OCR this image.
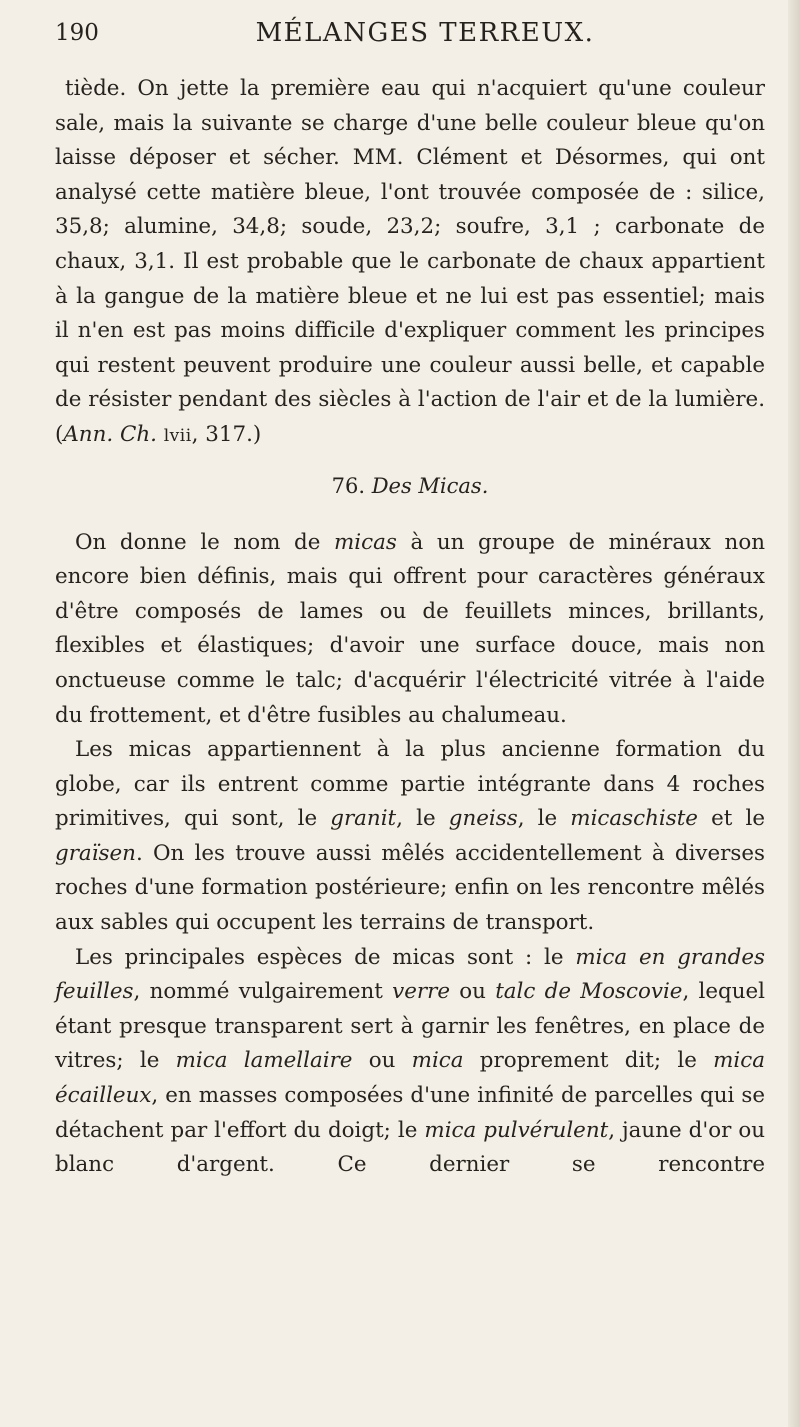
190	MÉLANGES TERREUX.

tiède. On jette la première eau qui n'acquiert qu'une couleur sale, mais la suivante se charge d'une belle couleur bleue qu'on laisse déposer et sécher. MM. Clément et Désormes, qui ont analysé cette matière bleue, l'ont trouvée composée de : silice, 35,8; alumine, 34,8; soude, 23,2; soufre, 3,1 ; carbonate de chaux, 3,1. Il est probable que le carbonate de chaux appartient à la gangue de la matière bleue et ne lui est pas essentiel; mais il n'en est pas moins difficile d'expliquer comment les principes qui restent peuvent produire une couleur aussi belle, et capable de résister pendant des siècles à l'action de l'air et de la lumière. (Ann. Ch. lvii, 317.)

76. Des Micas.

On donne le nom de micas à un groupe de minéraux non encore bien définis, mais qui offrent pour caractères généraux d'être composés de lames ou de feuillets minces, brillants, flexibles et élastiques; d'avoir une surface douce, mais non onctueuse comme le talc; d'acquérir l'électricité vitrée à l'aide du frottement, et d'être fusibles au chalumeau.

Les micas appartiennent à la plus ancienne formation du globe, car ils entrent comme partie intégrante dans 4 roches primitives, qui sont, le granit, le gneiss, le micaschiste et le graïsen. On les trouve aussi mêlés accidentellement à diverses roches d'une formation postérieure; enfin on les rencontre mêlés aux sables qui occupent les terrains de transport.

Les principales espèces de micas sont : le mica en grandes feuilles, nommé vulgairement verre ou talc de Moscovie, lequel étant presque transparent sert à garnir les fenêtres, en place de vitres; le mica lamellaire ou mica proprement dit; le mica écailleux, en masses composées d'une infinité de parcelles qui se détachent par l'effort du doigt; le mica pulvérulent, jaune d'or ou blanc d'argent. Ce dernier se rencontre
